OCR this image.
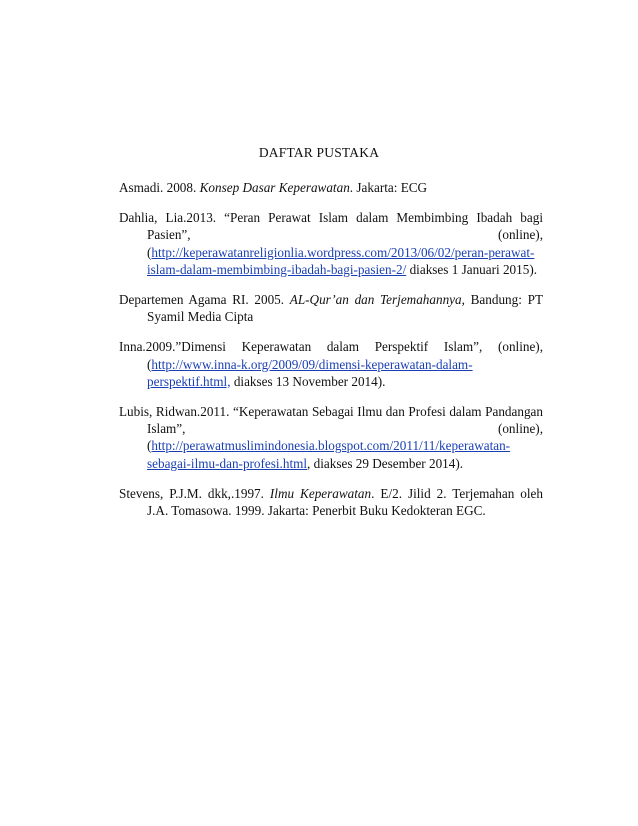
DAFTAR PUSTAKA

Asmadi. 2008. Konsep Dasar Keperawatan. Jakarta: ECG

Dahlia, Lia.2013. “Peran Perawat Islam dalam Membimbing Ibadah bagi Pasien”, (online), (http://keperawatanreligionlia.wordpress.com/2013/06/02/peran-perawat-islam-dalam-membimbing-ibadah-bagi-pasien-2/ diakses 1 Januari 2015).

Departemen Agama RI. 2005. AL-Qur’an dan Terjemahannya, Bandung: PT Syamil Media Cipta

Inna.2009.”Dimensi Keperawatan dalam Perspektif Islam”, (online), (http://www.inna-k.org/2009/09/dimensi-keperawatan-dalam-perspektif.html, diakses 13 November 2014).

Lubis, Ridwan.2011. “Keperawatan Sebagai Ilmu dan Profesi dalam Pandangan Islam”, (online), (http://perawatmuslimindonesia.blogspot.com/2011/11/keperawatan-sebagai-ilmu-dan-profesi.html, diakses 29 Desember 2014).

Stevens, P.J.M. dkk,.1997. Ilmu Keperawatan. E/2. Jilid 2. Terjemahan oleh J.A. Tomasowa. 1999. Jakarta: Penerbit Buku Kedokteran EGC.
